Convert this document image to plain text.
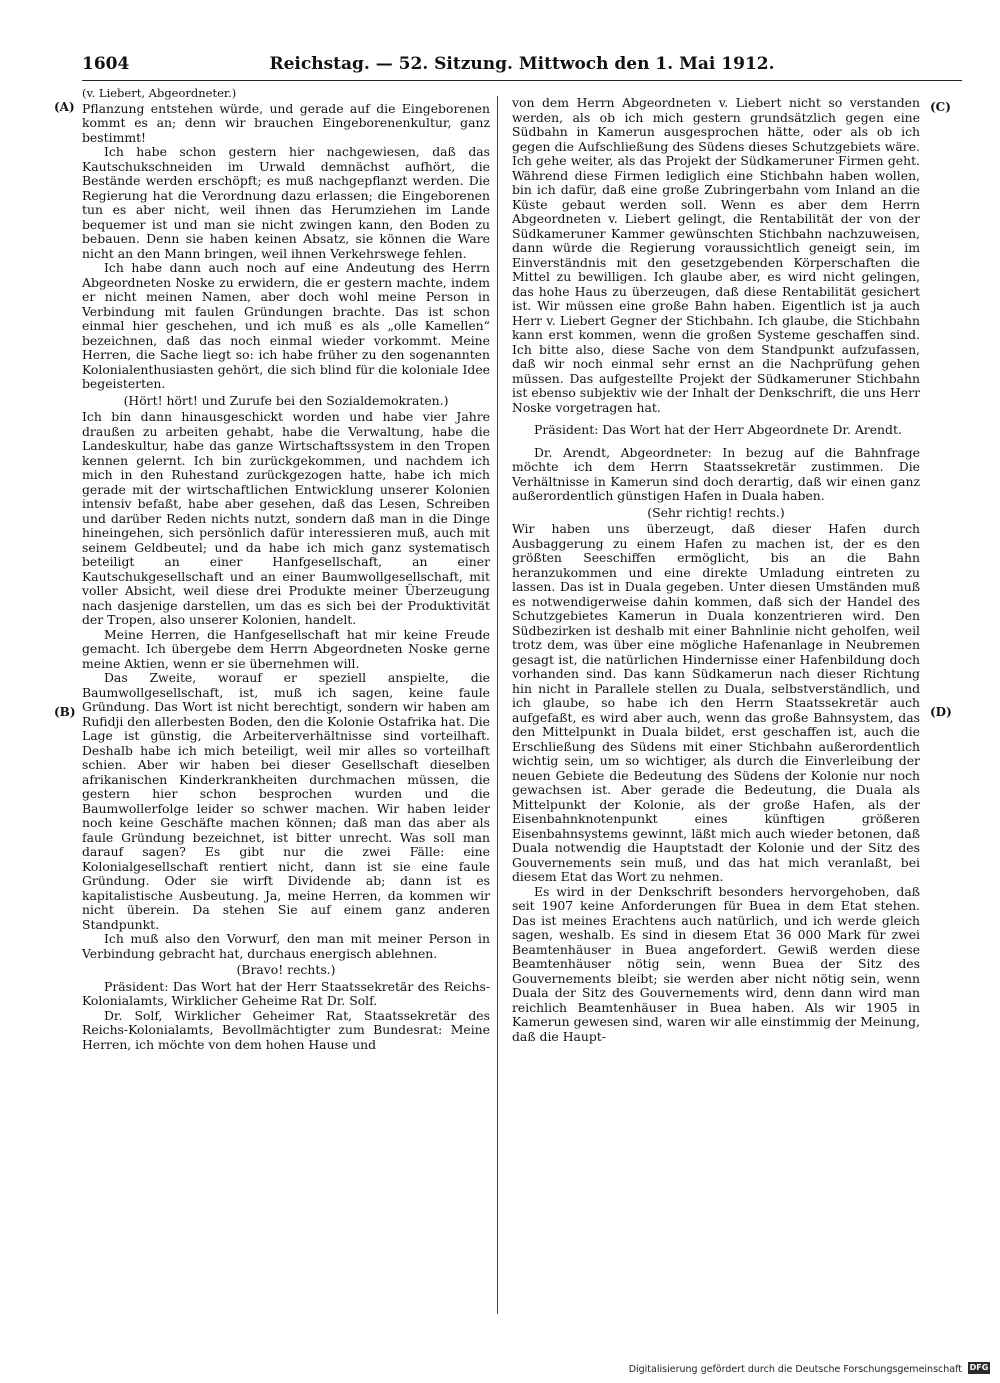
1604	Reichstag. — 52. Sitzung. Mittwoch den 1. Mai 1912.
(A)
(B)
(C)
(D)

(v. Liebert, Abgeordneter.)

Pflanzung entstehen würde, und gerade auf die Eingeborenen kommt es an; denn wir brauchen Eingeborenenkultur, ganz bestimmt!

Ich habe schon gestern hier nachgewiesen, daß das Kautschukschneiden im Urwald demnächst aufhört, die Bestände werden erschöpft; es muß nachgepflanzt werden. Die Regierung hat die Verordnung dazu erlassen; die Eingeborenen tun es aber nicht, weil ihnen das Herumziehen im Lande bequemer ist und man sie nicht zwingen kann, den Boden zu bebauen. Denn sie haben keinen Absatz, sie können die Ware nicht an den Mann bringen, weil ihnen Verkehrswege fehlen.

Ich habe dann auch noch auf eine Andeutung des Herrn Abgeordneten Noske zu erwidern, die er gestern machte, indem er nicht meinen Namen, aber doch wohl meine Person in Verbindung mit faulen Gründungen brachte. Das ist schon einmal hier geschehen, und ich muß es als „olle Kamellen“ bezeichnen, daß das noch einmal wieder vorkommt. Meine Herren, die Sache liegt so: ich habe früher zu den sogenannten Kolonialenthusiasten gehört, die sich blind für die koloniale Idee begeisterten.

(Hört! hört! und Zurufe bei den Sozialdemokraten.)

Ich bin dann hinausgeschickt worden und habe vier Jahre draußen zu arbeiten gehabt, habe die Verwaltung, habe die Landeskultur, habe das ganze Wirtschaftssystem in den Tropen kennen gelernt. Ich bin zurückgekommen, und nachdem ich mich in den Ruhestand zurückgezogen hatte, habe ich mich gerade mit der wirtschaftlichen Entwicklung unserer Kolonien intensiv befaßt, habe aber gesehen, daß das Lesen, Schreiben und darüber Reden nichts nutzt, sondern daß man in die Dinge hineingehen, sich persönlich dafür interessieren muß, auch mit seinem Geldbeutel; und da habe ich mich ganz systematisch beteiligt an einer Hanfgesellschaft, an einer Kautschukgesellschaft und an einer Baumwollgesellschaft, mit voller Absicht, weil diese drei Produkte meiner Überzeugung nach dasjenige darstellen, um das es sich bei der Produktivität der Tropen, also unserer Kolonien, handelt.

Meine Herren, die Hanfgesellschaft hat mir keine Freude gemacht. Ich übergebe dem Herrn Abgeordneten Noske gerne meine Aktien, wenn er sie übernehmen will.

Das Zweite, worauf er speziell anspielte, die Baumwollgesellschaft, ist, muß ich sagen, keine faule Gründung. Das Wort ist nicht berechtigt, sondern wir haben am Rufidji den allerbesten Boden, den die Kolonie Ostafrika hat. Die Lage ist günstig, die Arbeiterverhältnisse sind vorteilhaft. Deshalb habe ich mich beteiligt, weil mir alles so vorteilhaft schien. Aber wir haben bei dieser Gesellschaft dieselben afrikanischen Kinderkrankheiten durchmachen müssen, die gestern hier schon besprochen wurden und die Baumwollerfolge leider so schwer machen. Wir haben leider noch keine Geschäfte machen können; daß man das aber als faule Gründung bezeichnet, ist bitter unrecht. Was soll man darauf sagen? Es gibt nur die zwei Fälle: eine Kolonialgesellschaft rentiert nicht, dann ist sie eine faule Gründung. Oder sie wirft Dividende ab; dann ist es kapitalistische Ausbeutung. Ja, meine Herren, da kommen wir nicht überein. Da stehen Sie auf einem ganz anderen Standpunkt.

Ich muß also den Vorwurf, den man mit meiner Person in Verbindung gebracht hat, durchaus energisch ablehnen.

(Bravo! rechts.)

Präsident: Das Wort hat der Herr Staatssekretär des Reichs-Kolonialamts, Wirklicher Geheime Rat Dr. Solf.

Dr. Solf, Wirklicher Geheimer Rat, Staatssekretär des Reichs-Kolonialamts, Bevollmächtigter zum Bundesrat: Meine Herren, ich möchte von dem hohen Hause und

von dem Herrn Abgeordneten v. Liebert nicht so verstanden werden, als ob ich mich gestern grundsätzlich gegen eine Südbahn in Kamerun ausgesprochen hätte, oder als ob ich gegen die Aufschließung des Südens dieses Schutzgebiets wäre. Ich gehe weiter, als das Projekt der Südkameruner Firmen geht. Während diese Firmen lediglich eine Stichbahn haben wollen, bin ich dafür, daß eine große Zubringerbahn vom Inland an die Küste gebaut werden soll. Wenn es aber dem Herrn Abgeordneten v. Liebert gelingt, die Rentabilität der von der Südkameruner Kammer gewünschten Stichbahn nachzuweisen, dann würde die Regierung voraussichtlich geneigt sein, im Einverständnis mit den gesetzgebenden Körperschaften die Mittel zu bewilligen. Ich glaube aber, es wird nicht gelingen, das hohe Haus zu überzeugen, daß diese Rentabilität gesichert ist. Wir müssen eine große Bahn haben. Eigentlich ist ja auch Herr v. Liebert Gegner der Stichbahn. Ich glaube, die Stichbahn kann erst kommen, wenn die großen Systeme geschaffen sind. Ich bitte also, diese Sache von dem Standpunkt aufzufassen, daß wir noch einmal sehr ernst an die Nachprüfung gehen müssen. Das aufgestellte Projekt der Südkameruner Stichbahn ist ebenso subjektiv wie der Inhalt der Denkschrift, die uns Herr Noske vorgetragen hat.

Präsident: Das Wort hat der Herr Abgeordnete Dr. Arendt.

Dr. Arendt, Abgeordneter: In bezug auf die Bahnfrage möchte ich dem Herrn Staatssekretär zustimmen. Die Verhältnisse in Kamerun sind doch derartig, daß wir einen ganz außerordentlich günstigen Hafen in Duala haben.

(Sehr richtig! rechts.)

Wir haben uns überzeugt, daß dieser Hafen durch Ausbaggerung zu einem Hafen zu machen ist, der es den größten Seeschiffen ermöglicht, bis an die Bahn heranzukommen und eine direkte Umladung eintreten zu lassen. Das ist in Duala gegeben. Unter diesen Umständen muß es notwendigerweise dahin kommen, daß sich der Handel des Schutzgebietes Kamerun in Duala konzentrieren wird. Den Südbezirken ist deshalb mit einer Bahnlinie nicht geholfen, weil trotz dem, was über eine mögliche Hafenanlage in Neubremen gesagt ist, die natürlichen Hindernisse einer Hafenbildung doch vorhanden sind. Das kann Südkamerun nach dieser Richtung hin nicht in Parallele stellen zu Duala, selbstverständlich, und ich glaube, so habe ich den Herrn Staatssekretär auch aufgefaßt, es wird aber auch, wenn das große Bahnsystem, das den Mittelpunkt in Duala bildet, erst geschaffen ist, auch die Erschließung des Südens mit einer Stichbahn außerordentlich wichtig sein, um so wichtiger, als durch die Einverleibung der neuen Gebiete die Bedeutung des Südens der Kolonie nur noch gewachsen ist. Aber gerade die Bedeutung, die Duala als Mittelpunkt der Kolonie, als der große Hafen, als der Eisenbahnknotenpunkt eines künftigen größeren Eisenbahnsystems gewinnt, läßt mich auch wieder betonen, daß Duala notwendig die Hauptstadt der Kolonie und der Sitz des Gouvernements sein muß, und das hat mich veranlaßt, bei diesem Etat das Wort zu nehmen.

Es wird in der Denkschrift besonders hervorgehoben, daß seit 1907 keine Anforderungen für Buea in dem Etat stehen. Das ist meines Erachtens auch natürlich, und ich werde gleich sagen, weshalb. Es sind in diesem Etat 36 000 Mark für zwei Beamtenhäuser in Buea angefordert. Gewiß werden diese Beamtenhäuser nötig sein, wenn Buea der Sitz des Gouvernements bleibt; sie werden aber nicht nötig sein, wenn Duala der Sitz des Gouvernements wird, denn dann wird man reichlich Beamtenhäuser in Buea haben. Als wir 1905 in Kamerun gewesen sind, waren wir alle einstimmig der Meinung, daß die Haupt-

Digitalisierung gefördert durch die Deutsche Forschungsgemeinschaft DFG
